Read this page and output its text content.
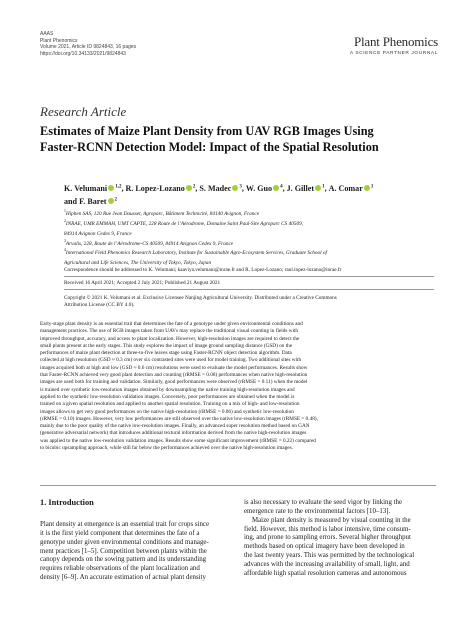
AAAS
Plant Phenomics
Volume 2021, Article ID 9824843, 16 pages
https://doi.org/10.34133/2021/9824843
Plant Phenomics
A SCIENCE PARTNER JOURNAL
Research Article
Estimates of Maize Plant Density from UAV RGB Images Using
Faster-RCNN Detection Model: Impact of the Spatial Resolution
K. Velumani $^{1,2}$, R. Lopez-Lozano $^2$, S. Madec $^3$, W. Guo $^4$, J. Gillet $^1$, A. Comar $^1$
and F. Baret $^2$
$^1$Hiphen SAS, 120 Rue Jean Dausset, Agroparc, Bâtiment Technicité, 84140 Avignon, France
$^2$INRAE, UMR EMMAH, UMT CAPTE, 228 Route de l’Aérodrome, Domaine Saint Paul-Site Agroparc CS 40509,
84914 Avignon Cedex 9, France
$^3$Arvalis, 228, Route de l’Aérodrome-CS 40509, 84914 Avignon Cedex 9, France
$^4$International Field Phenomics Research Laboratory, Institute for Sustainable Agro-Ecosystem Services, Graduate School of
Agricultural and Life Sciences, The University of Tokyo, Tokyo, Japan
Correspondence should be addressed to K. Velumani; kaaviya.velumani@inrae.fr and R. Lopez-Lozano; raul.lopez-lozano@inrae.fr
Received 16 April 2021; Accepted 2 July 2021; Published 21 August 2021
Copyright © 2021 K. Velumani et al. Exclusive Licensee Nanjing Agricultural University. Distributed under a Creative Commons
Attribution License (CC BY 4.0).
Early-stage plant density is an essential trait that determines the fate of a genotype under given environmental conditions and
management practices. The use of RGB images taken from UAVs may replace the traditional visual counting in fields with
improved throughput, accuracy, and access to plant localization. However, high-resolution images are required to detect the
small plants present at the early stages. This study explores the impact of image ground sampling distance (GSD) on the
performances of maize plant detection at three-to-five leaves stage using Faster-RCNN object detection algorithm. Data
collected at high resolution (GSD ≈ 0.3 cm) over six contrasted sites were used for model training. Two additional sites with
images acquired both at high and low (GSD ≈ 0.6 cm) resolutions were used to evaluate the model performances. Results show
that Faster-RCNN achieved very good plant detection and counting (rRMSE = 0.08) performances when native high-resolution
images are used both for training and validation. Similarly, good performances were observed (rRMSE = 0.11) when the model
is trained over synthetic low-resolution images obtained by downsampling the native training high-resolution images and
applied to the synthetic low-resolution validation images. Conversely, poor performances are obtained when the model is
trained on a given spatial resolution and applied to another spatial resolution. Training on a mix of high- and low-resolution
images allows to get very good performances on the native high-resolution (rRMSE = 0.06) and synthetic low-resolution
(rRMSE = 0.10) images. However, very low performances are still observed over the native low-resolution images (rRMSE = 0.48),
mainly due to the poor quality of the native low-resolution images. Finally, an advanced super resolution method based on GAN
(generative adversarial network) that introduces additional textural information derived from the native high-resolution images
was applied to the native low-resolution validation images. Results show some significant improvement (rRMSE = 0.22) compared
to bicubic upsampling approach, while still far below the performances achieved over the native high-resolution images.
1. Introduction
Plant density at emergence is an essential trait for crops since
it is the first yield component that determines the fate of a
genotype under given environmental conditions and manage-
ment practices [1–5]. Competition between plants within the
canopy depends on the sowing pattern and its understanding
requires reliable observations of the plant localization and
density [6–9]. An accurate estimation of actual plant density
is also necessary to evaluate the seed vigor by linking the
emergence rate to the environmental factors [10–13].
Maize plant density is measured by visual counting in the
field. However, this method is labor intensive, time consum-
ing, and prone to sampling errors. Several higher throughput
methods based on optical imagery have been developed in
the last twenty years. This was permitted by the technological
advances with the increasing availability of small, light, and
affordable high spatial resolution cameras and autonomous
